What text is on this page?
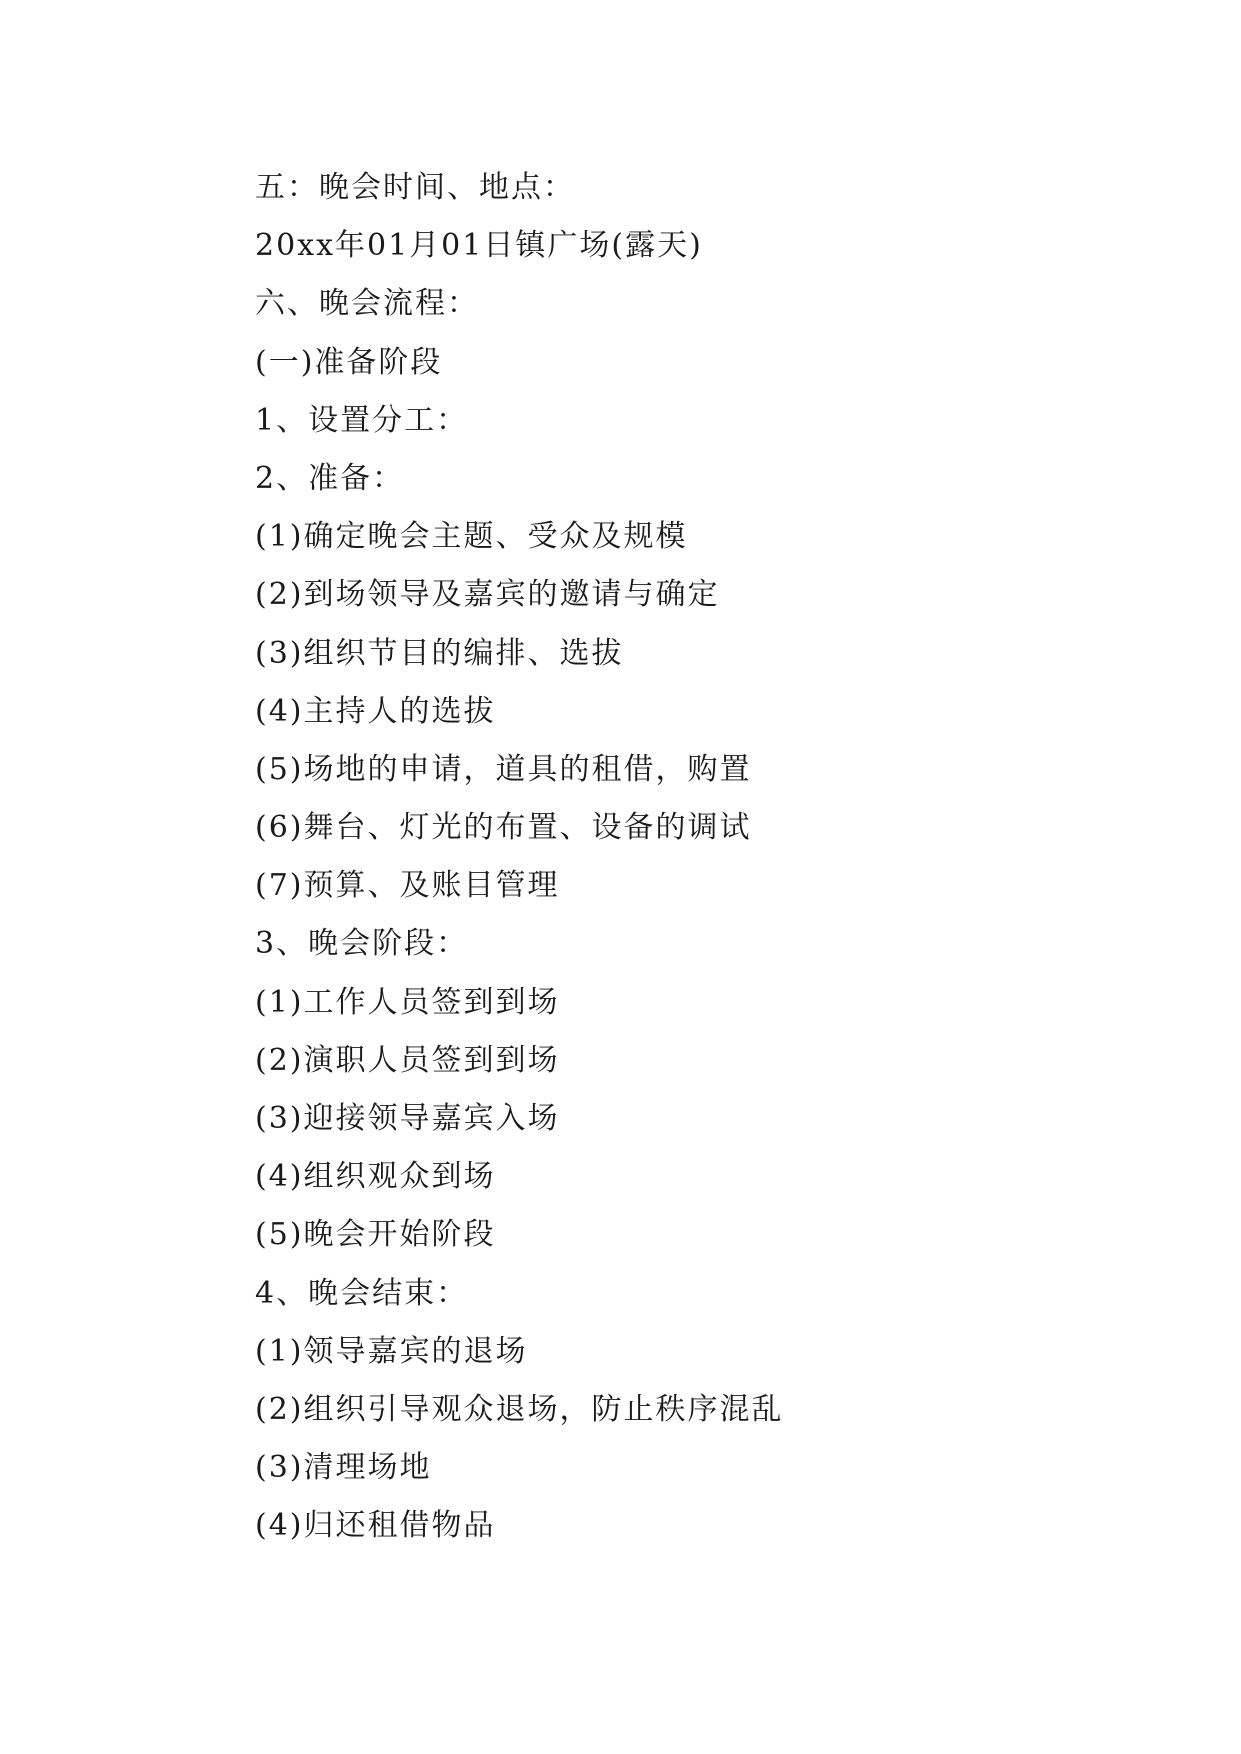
五：晚会时间、地点：
20xx年01月01日镇广场(露天)
六、晚会流程：
(一)准备阶段
1、设置分工：
2、准备：
(1)确定晚会主题、受众及规模
(2)到场领导及嘉宾的邀请与确定
(3)组织节目的编排、选拔
(4)主持人的选拔
(5)场地的申请，道具的租借，购置
(6)舞台、灯光的布置、设备的调试
(7)预算、及账目管理
3、晚会阶段：
(1)工作人员签到到场
(2)演职人员签到到场
(3)迎接领导嘉宾入场
(4)组织观众到场
(5)晚会开始阶段
4、晚会结束：
(1)领导嘉宾的退场
(2)组织引导观众退场，防止秩序混乱
(3)清理场地
(4)归还租借物品
